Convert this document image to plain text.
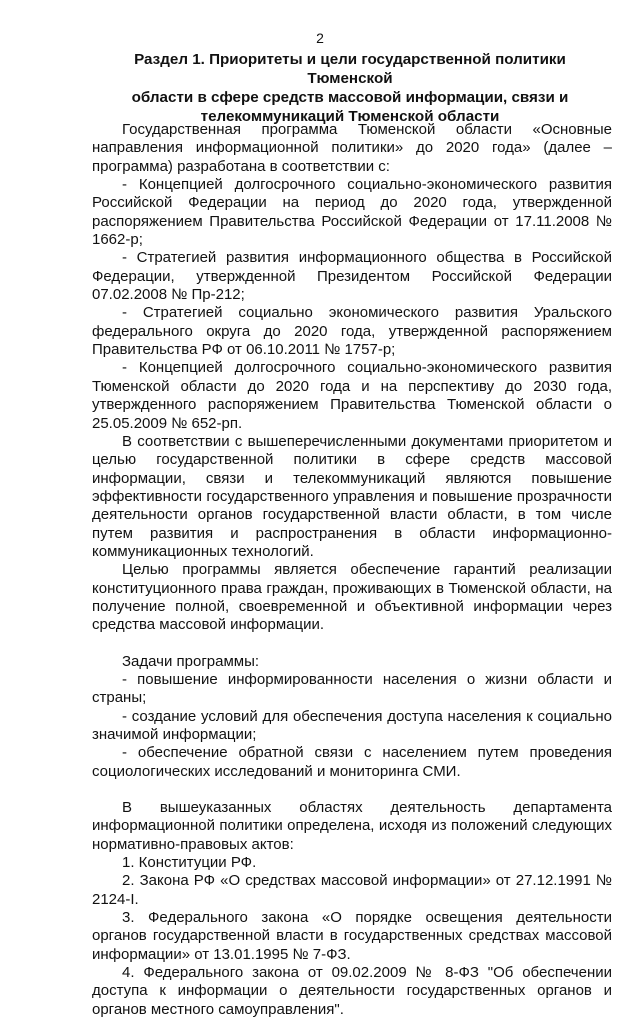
2
Раздел 1. Приоритеты и цели государственной политики Тюменской
области в сфере средств массовой информации, связи и
телекоммуникаций Тюменской области

Государственная программа Тюменской области «Основные направления информационной политики» до 2020 года» (далее – программа) разработана в соответствии с:

- Концепцией долгосрочного социально-экономического развития Российской Федерации на период до 2020 года, утвержденной распоряжением Правительства Российской Федерации от 17.11.2008 № 1662-р;

- Стратегией развития информационного общества в Российской Федерации, утвержденной Президентом Российской Федерации 07.02.2008 № Пр-212;

- Стратегией социально экономического развития Уральского федерального округа до 2020 года, утвержденной распоряжением Правительства РФ от 06.10.2011 № 1757-р;

- Концепцией долгосрочного социально-экономического развития Тюменской области до 2020 года и на перспективу до 2030 года, утвержденного распоряжением Правительства Тюменской области о 25.05.2009 № 652-рп.

В соответствии с вышеперечисленными документами приоритетом и целью государственной политики в сфере средств массовой информации, связи и телекоммуникаций являются повышение эффективности государственного управления и повышение прозрачности деятельности органов государственной власти области, в том числе путем развития и распространения в области информационно-коммуникационных технологий.

Целью программы является обеспечение гарантий реализации конституционного права граждан, проживающих в Тюменской области, на получение полной, своевременной и объективной информации через средства массовой информации.

Задачи программы:

- повышение информированности населения о жизни области и страны;

- создание условий для обеспечения доступа населения к социально значимой информации;

- обеспечение обратной связи с населением путем проведения социологических исследований и мониторинга СМИ.

В вышеуказанных областях деятельность департамента информационной политики определена, исходя из положений следующих нормативно-правовых актов:

1. Конституции РФ.

2. Закона РФ «О средствах массовой информации» от 27.12.1991 № 2124-I.

3. Федерального закона «О порядке освещения деятельности органов государственной власти в государственных средствах массовой информации» от 13.01.1995 № 7-ФЗ.

4. Федерального закона от 09.02.2009 № 8-ФЗ "Об обеспечении доступа к информации о деятельности государственных органов и органов местного самоуправления".
